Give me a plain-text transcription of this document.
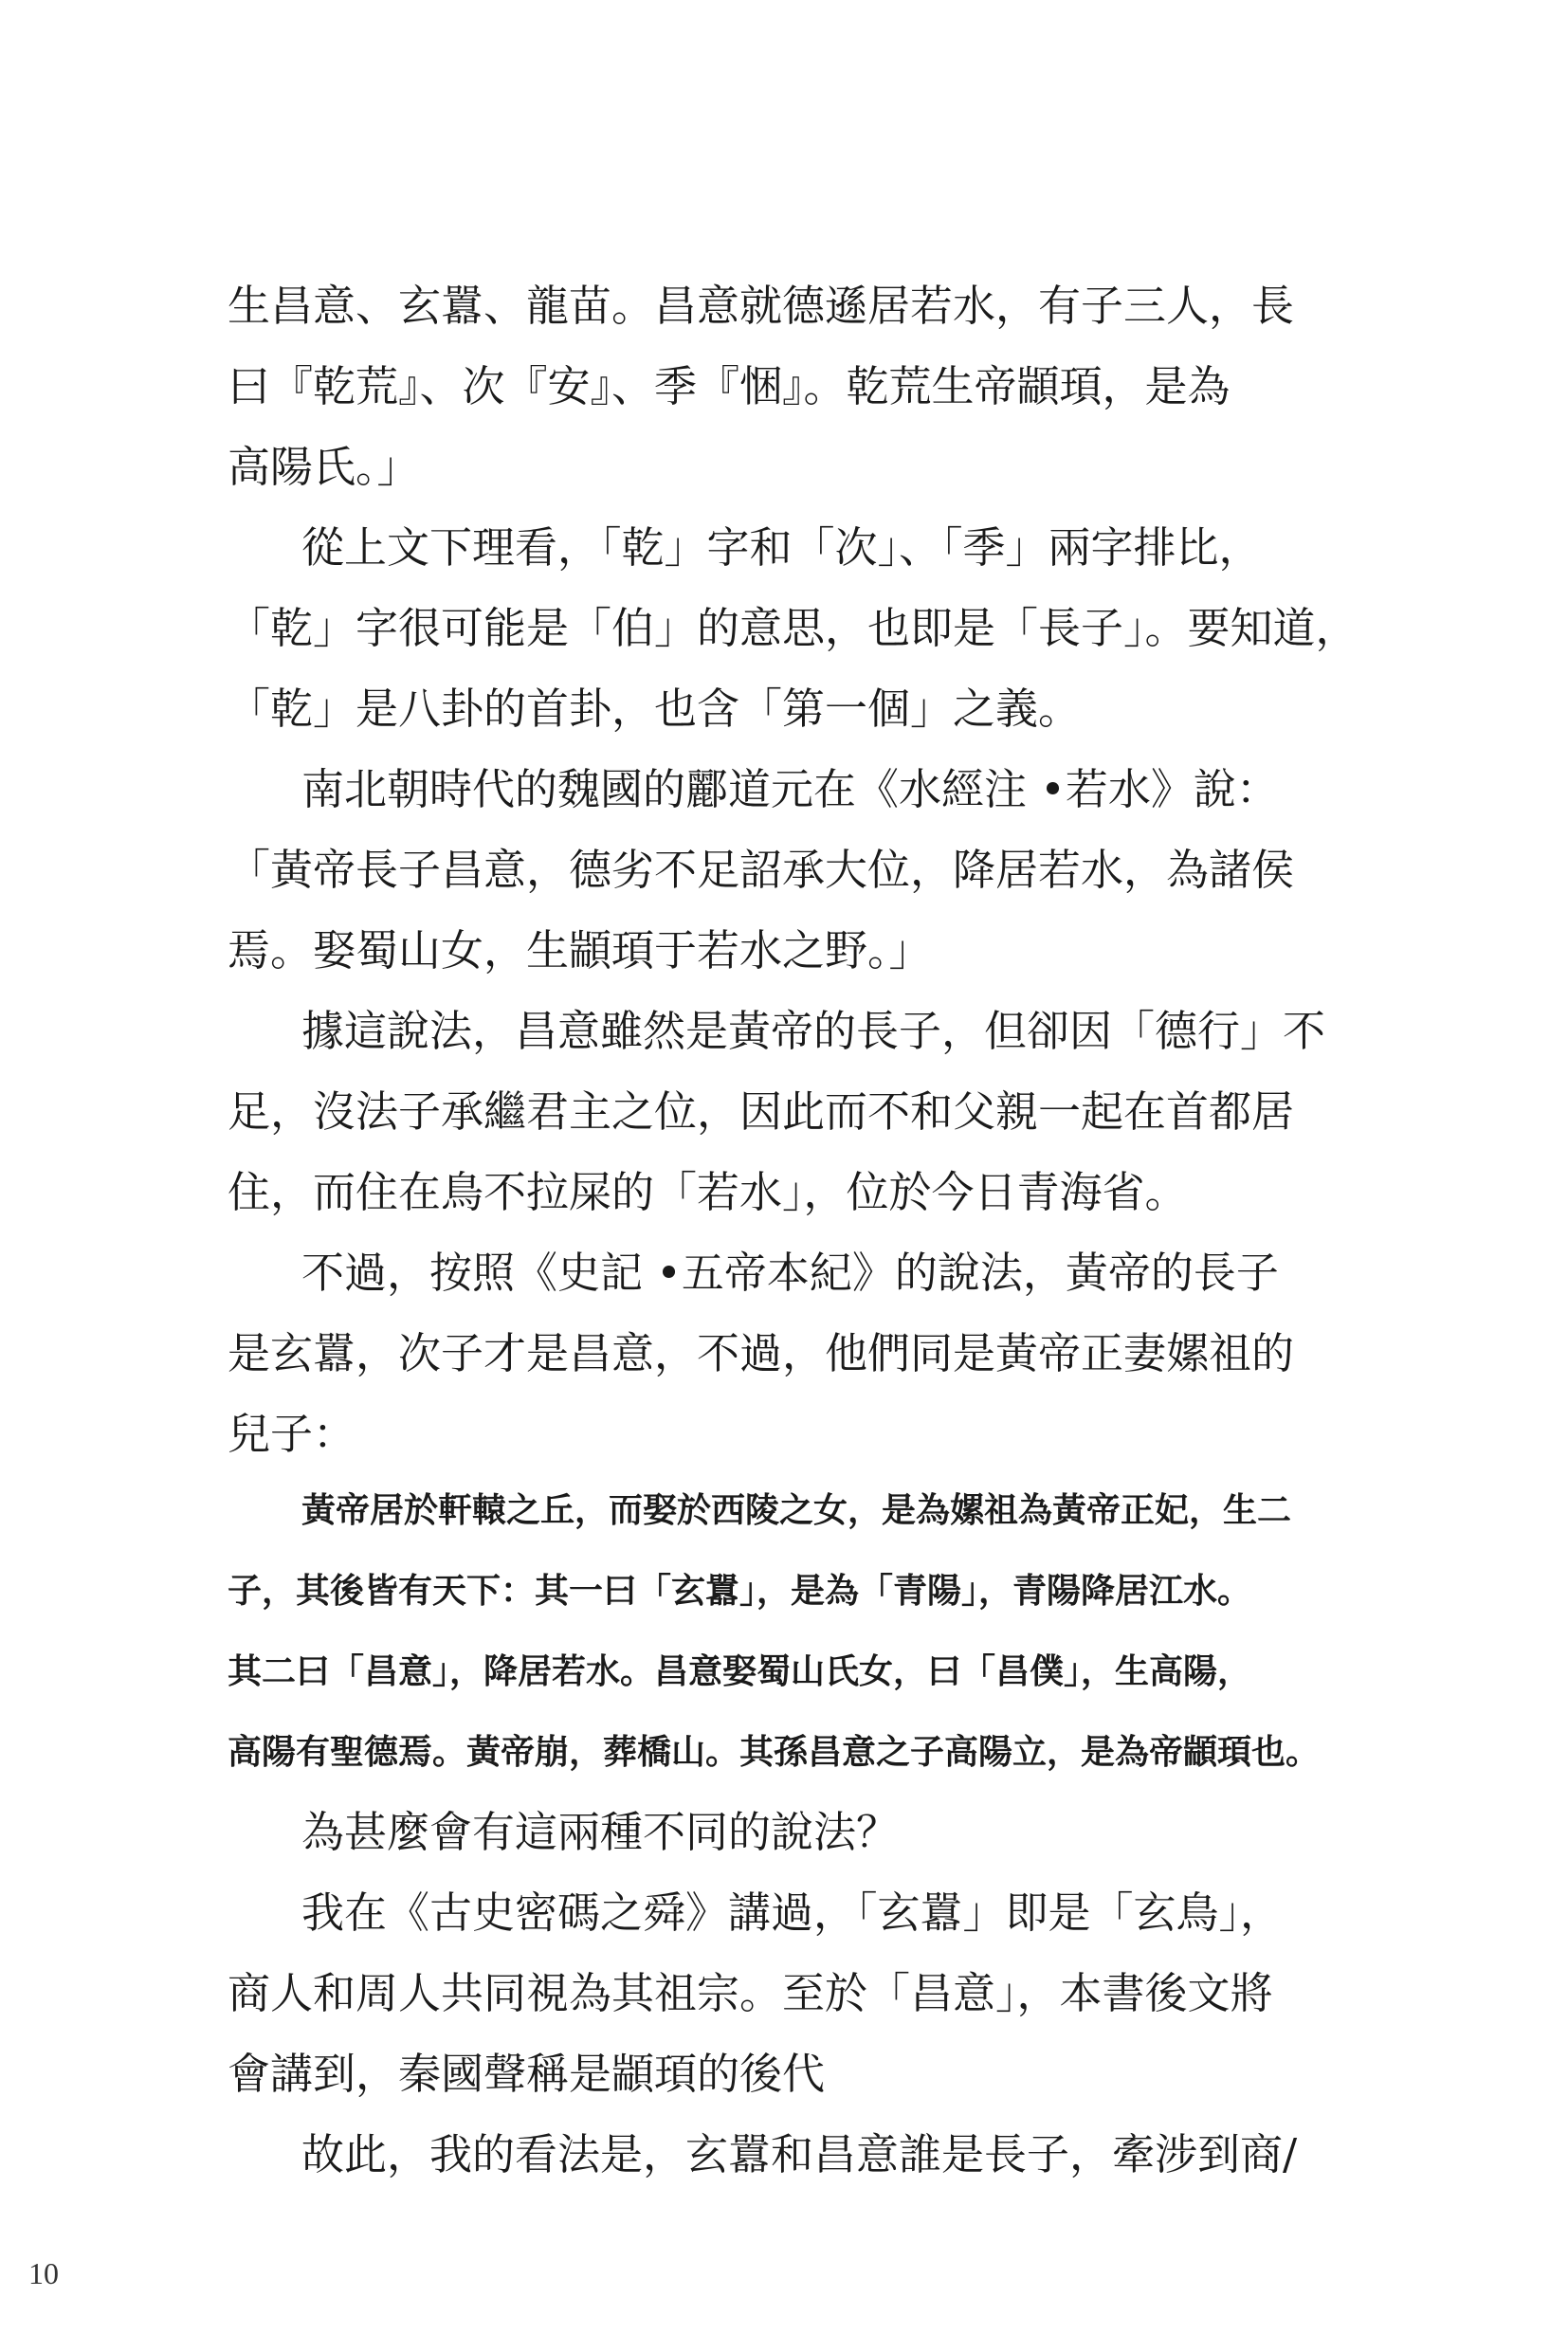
生昌意、玄囂、龍苗。昌意就德遜居若水，有子三人，長
曰『乾荒』、次『安』、季『悃』。乾荒生帝顓頊，是為
高陽氏。」
從上文下理看，「乾」字和「次」、「季」兩字排比，
「乾」字很可能是「伯」的意思，也即是「長子」。要知道，
「乾」是八卦的首卦，也含「第一個」之義。
南北朝時代的魏國的酈道元在《水經注 •若水》說：
「黃帝長子昌意，德劣不足詔承大位，降居若水，為諸侯
焉。娶蜀山女，生顓頊于若水之野。」
據這說法，昌意雖然是黃帝的長子，但卻因「德行」不
足，沒法子承繼君主之位，因此而不和父親一起在首都居
住，而住在鳥不拉屎的「若水」，位於今日青海省。
不過，按照《史記 •五帝本紀》的說法，黃帝的長子
是玄囂，次子才是昌意，不過，他們同是黃帝正妻嫘祖的
兒子：
黃帝居於軒轅之丘，而娶於西陵之女，是為嫘祖為黃帝正妃，生二
子，其後皆有天下：其一曰「玄囂」，是為「青陽」，青陽降居江水。
其二曰「昌意」，降居若水。昌意娶蜀山氏女，曰「昌僕」，生高陽，
高陽有聖德焉。黃帝崩，葬橋山。其孫昌意之子高陽立，是為帝顓頊也。
為甚麼會有這兩種不同的說法？
我在《古史密碼之舜》講過，「玄囂」即是「玄鳥」，
商人和周人共同視為其祖宗。至於「昌意」，本書後文將
會講到，秦國聲稱是顓頊的後代
故此，我的看法是，玄囂和昌意誰是長子，牽涉到商/
10
